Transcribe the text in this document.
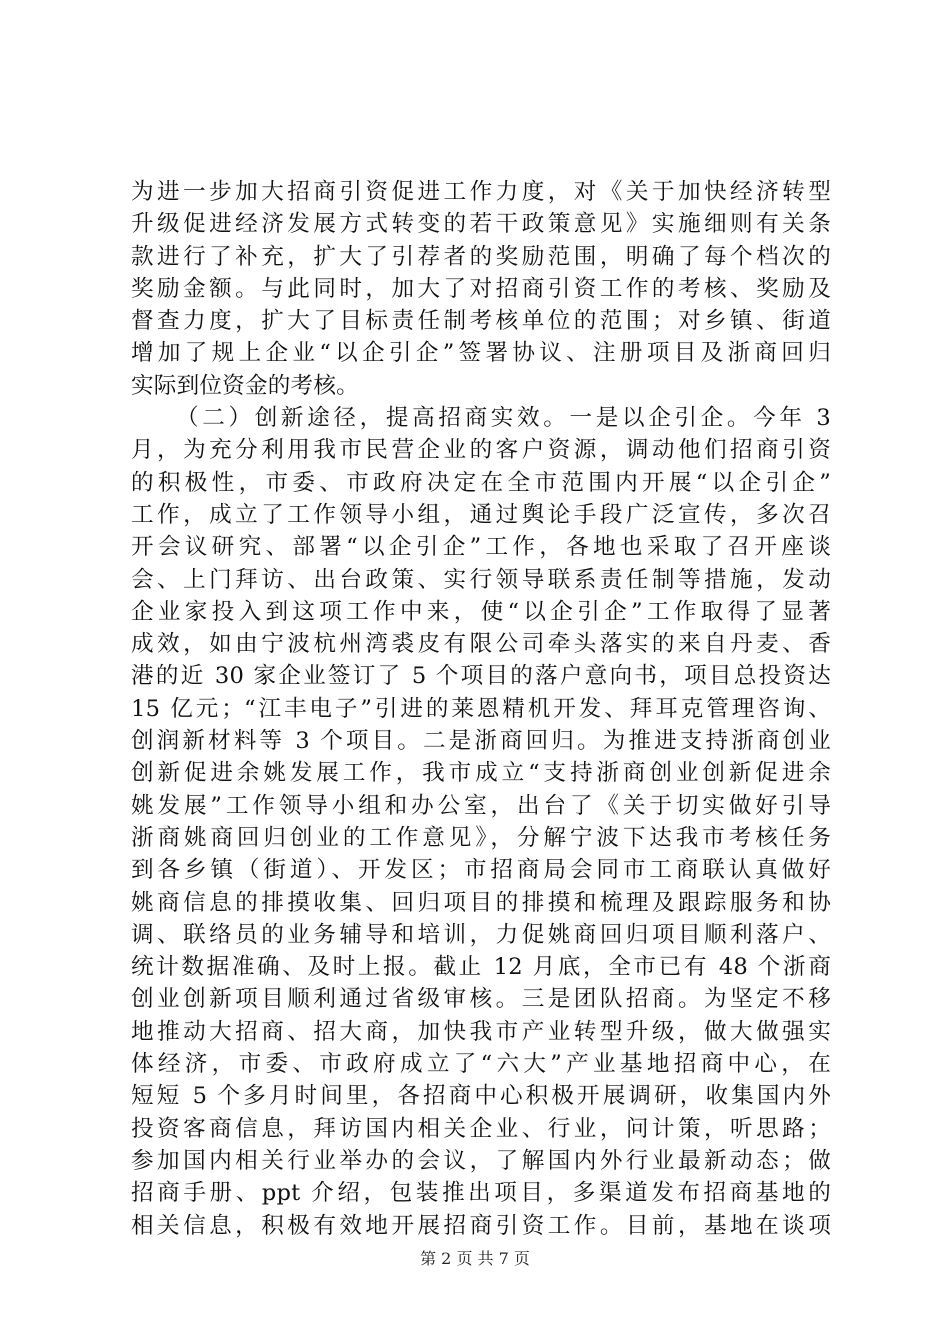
为进一步加大招商引资促进工作力度，对《关于加快经济转型
升级促进经济发展方式转变的若干政策意见》实施细则有关条
款进行了补充，扩大了引荐者的奖励范围，明确了每个档次的
奖励金额。与此同时，加大了对招商引资工作的考核、奖励及
督查力度，扩大了目标责任制考核单位的范围；对乡镇、街道
增加了规上企业“以企引企”签署协议、注册项目及浙商回归
实际到位资金的考核。
（二）创新途径，提高招商实效。一是以企引企。今年 3
月，为充分利用我市民营企业的客户资源，调动他们招商引资
的积极性，市委、市政府决定在全市范围内开展“以企引企”
工作，成立了工作领导小组，通过舆论手段广泛宣传，多次召
开会议研究、部署“以企引企”工作，各地也采取了召开座谈
会、上门拜访、出台政策、实行领导联系责任制等措施，发动
企业家投入到这项工作中来，使“以企引企”工作取得了显著
成效，如由宁波杭州湾裘皮有限公司牵头落实的来自丹麦、香
港的近 30 家企业签订了 5 个项目的落户意向书，项目总投资达
15 亿元；“江丰电子”引进的莱恩精机开发、拜耳克管理咨询、
创润新材料等 3 个项目。二是浙商回归。为推进支持浙商创业
创新促进余姚发展工作，我市成立“支持浙商创业创新促进余
姚发展”工作领导小组和办公室，出台了《关于切实做好引导
浙商姚商回归创业的工作意见》，分解宁波下达我市考核任务
到各乡镇（街道）、开发区；市招商局会同市工商联认真做好
姚商信息的排摸收集、回归项目的排摸和梳理及跟踪服务和协
调、联络员的业务辅导和培训，力促姚商回归项目顺利落户、
统计数据准确、及时上报。截止 12 月底，全市已有 48 个浙商
创业创新项目顺利通过省级审核。三是团队招商。为坚定不移
地推动大招商、招大商，加快我市产业转型升级，做大做强实
体经济，市委、市政府成立了“六大”产业基地招商中心，在
短短 5 个多月时间里，各招商中心积极开展调研，收集国内外
投资客商信息，拜访国内相关企业、行业，问计策，听思路；
参加国内相关行业举办的会议，了解国内外行业最新动态；做
招商手册、ppt 介绍，包装推出项目，多渠道发布招商基地的
相关信息，积极有效地开展招商引资工作。目前，基地在谈项
第 2 页 共 7 页
